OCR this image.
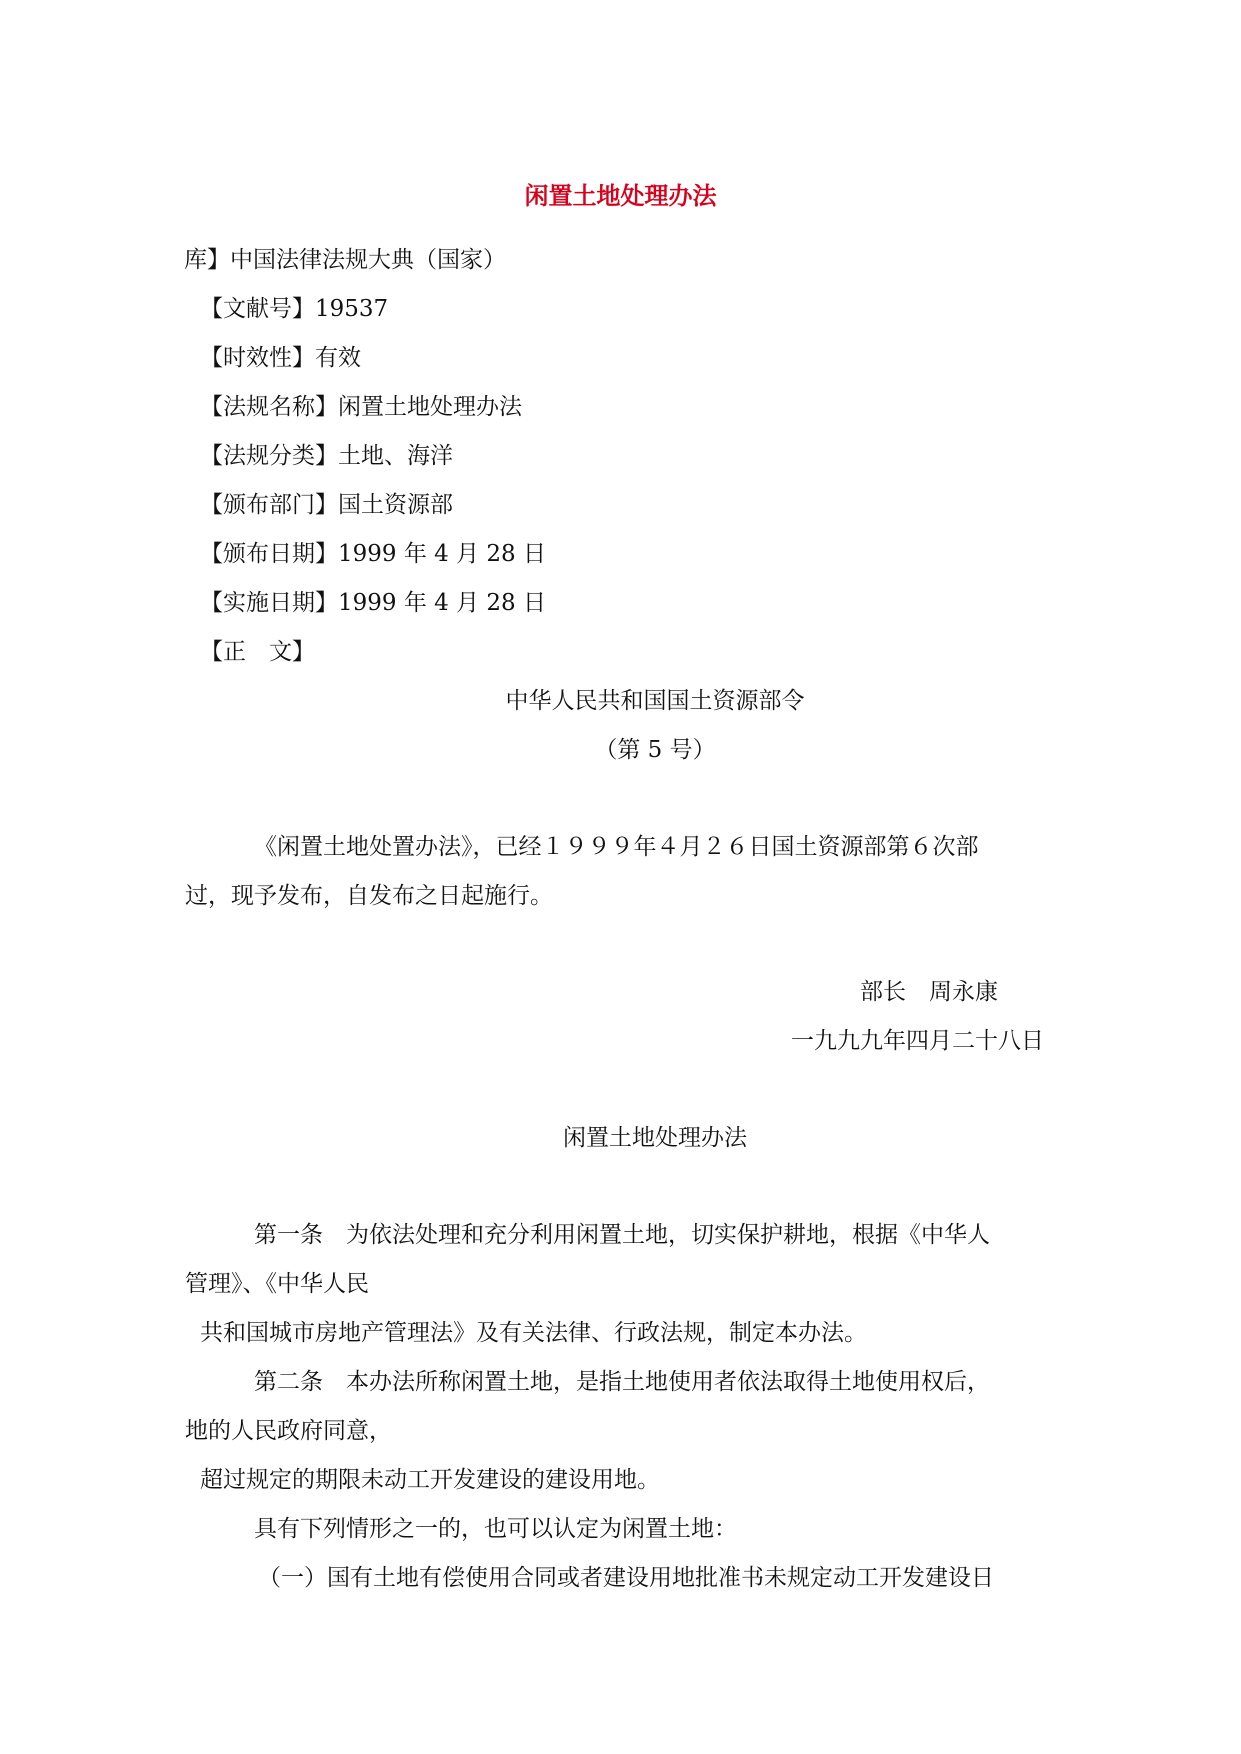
闲置土地处理办法
库】中国法律法规大典（国家）
【文献号】19537
【时效性】有效
【法规名称】闲置土地处理办法
【法规分类】土地、海洋
【颁布部门】国土资源部
【颁布日期】1999 年 4 月 28 日
【实施日期】1999 年 4 月 28 日
【正　文】
中华人民共和国国土资源部令
（第 5 号）
《闲置土地处置办法》，已经１９９９年４月２６日国土资源部第６次部
过，现予发布，自发布之日起施行。
部长　周永康
一九九九年四月二十八日
闲置土地处理办法
第一条　为依法处理和充分利用闲置土地，切实保护耕地，根据《中华人
管理》、《中华人民
共和国城市房地产管理法》及有关法律、行政法规，制定本办法。
第二条　本办法所称闲置土地，是指土地使用者依法取得土地使用权后，
地的人民政府同意，
超过规定的期限未动工开发建设的建设用地。
具有下列情形之一的，也可以认定为闲置土地：
（一）国有土地有偿使用合同或者建设用地批准书未规定动工开发建设日
